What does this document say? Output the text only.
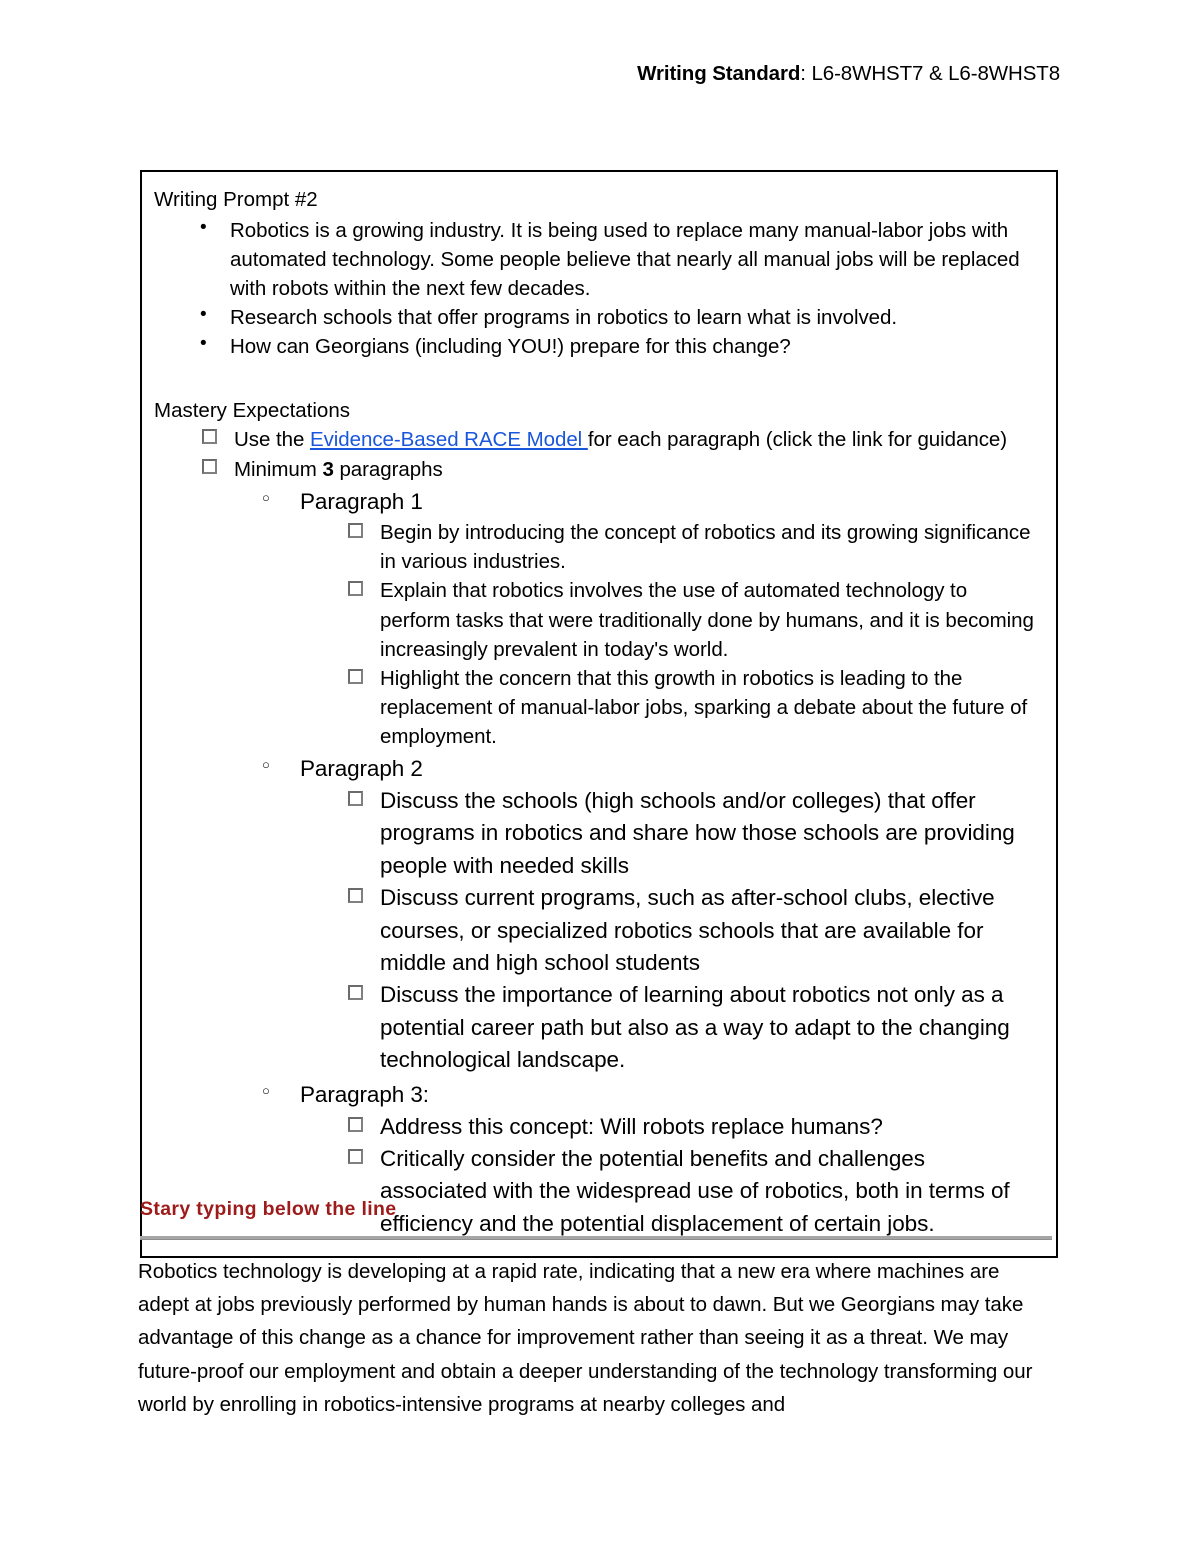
Writing Standard: L6-8WHST7 & L6-8WHST8
Writing Prompt #2
• Robotics is a growing industry. It is being used to replace many manual-labor jobs with automated technology. Some people believe that nearly all manual jobs will be replaced with robots within the next few decades.
• Research schools that offer programs in robotics to learn what is involved.
• How can Georgians (including YOU!) prepare for this change?
Mastery Expectations
Use the Evidence-Based RACE Model for each paragraph (click the link for guidance)
Minimum 3 paragraphs
○ Paragraph 1
Begin by introducing the concept of robotics and its growing significance in various industries.
Explain that robotics involves the use of automated technology to perform tasks that were traditionally done by humans, and it is becoming increasingly prevalent in today's world.
Highlight the concern that this growth in robotics is leading to the replacement of manual-labor jobs, sparking a debate about the future of employment.
○ Paragraph 2
Discuss the schools (high schools and/or colleges) that offer programs in robotics and share how those schools are providing people with needed skills
Discuss current programs, such as after-school clubs, elective courses, or specialized robotics schools that are available for middle and high school students
Discuss the importance of learning about robotics not only as a potential career path but also as a way to adapt to the changing technological landscape.
○ Paragraph 3:
Address this concept: Will robots replace humans?
Critically consider the potential benefits and challenges associated with the widespread use of robotics, both in terms of efficiency and the potential displacement of certain jobs.
Stary typing below the line
Robotics technology is developing at a rapid rate, indicating that a new era where machines are adept at jobs previously performed by human hands is about to dawn. But we Georgians may take advantage of this change as a chance for improvement rather than seeing it as a threat. We may future-proof our employment and obtain a deeper understanding of the technology transforming our world by enrolling in robotics-intensive programs at nearby colleges and
